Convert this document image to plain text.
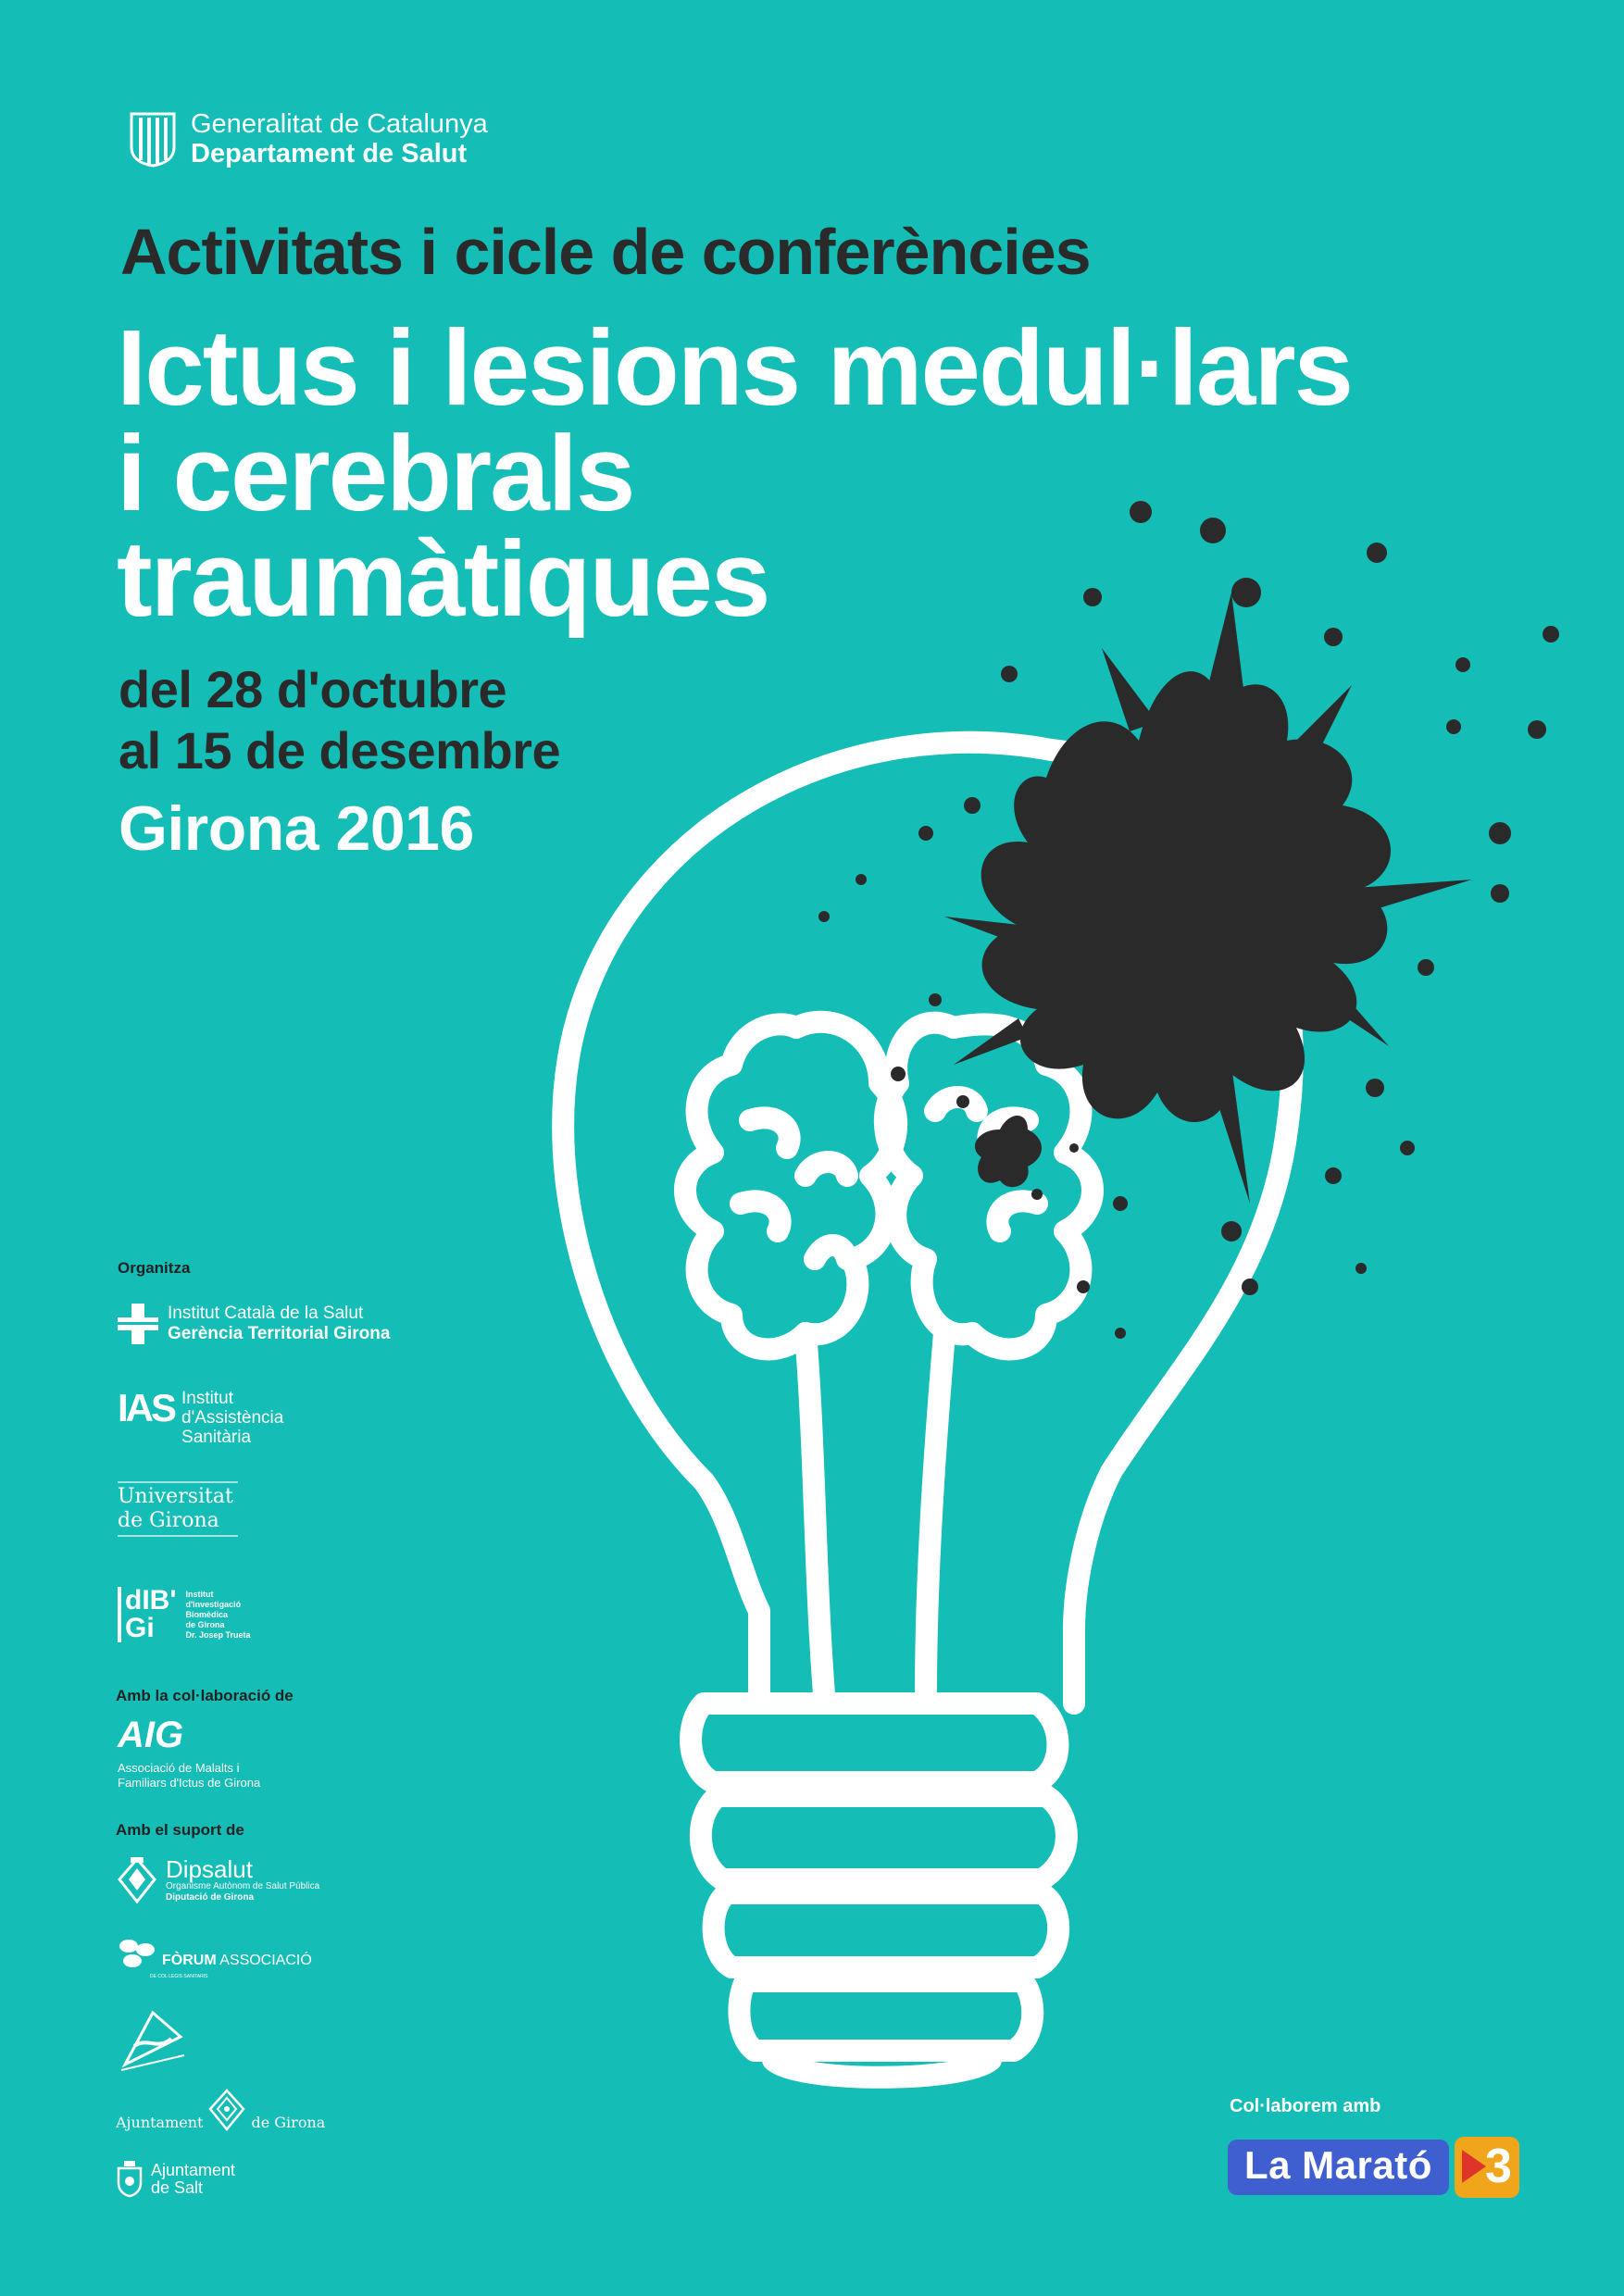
Generalitat de Catalunya
Departament de Salut
Activitats i cicle de conferències
Ictus i lesions medul·lars
i cerebrals
traumàtiques
del 28 d'octubre
al 15 de desembre
Girona 2016
Organitza
Institut Català de la Salut
Gerència Territorial Girona
IAS Institut
d'Assistència
Sanitària
Universitat
de Girona
dIB'
Gi
Institut
d'Investigació
Biomèdica
de Girona
Dr. Josep Trueta
Amb la col·laboració de
AIG
Associació de Malalts i
Familiars d'Ictus de Girona
Amb el suport de
Dipsalut
Organisme Autònom de Salut Pública
Diputació de Girona
FÒRUM ASSOCIACIÓ
DE COL·LEGIS SANITARIS
Ajuntament	de Girona
Ajuntament
de Salt
Col·laborem amb
La Marató	3
